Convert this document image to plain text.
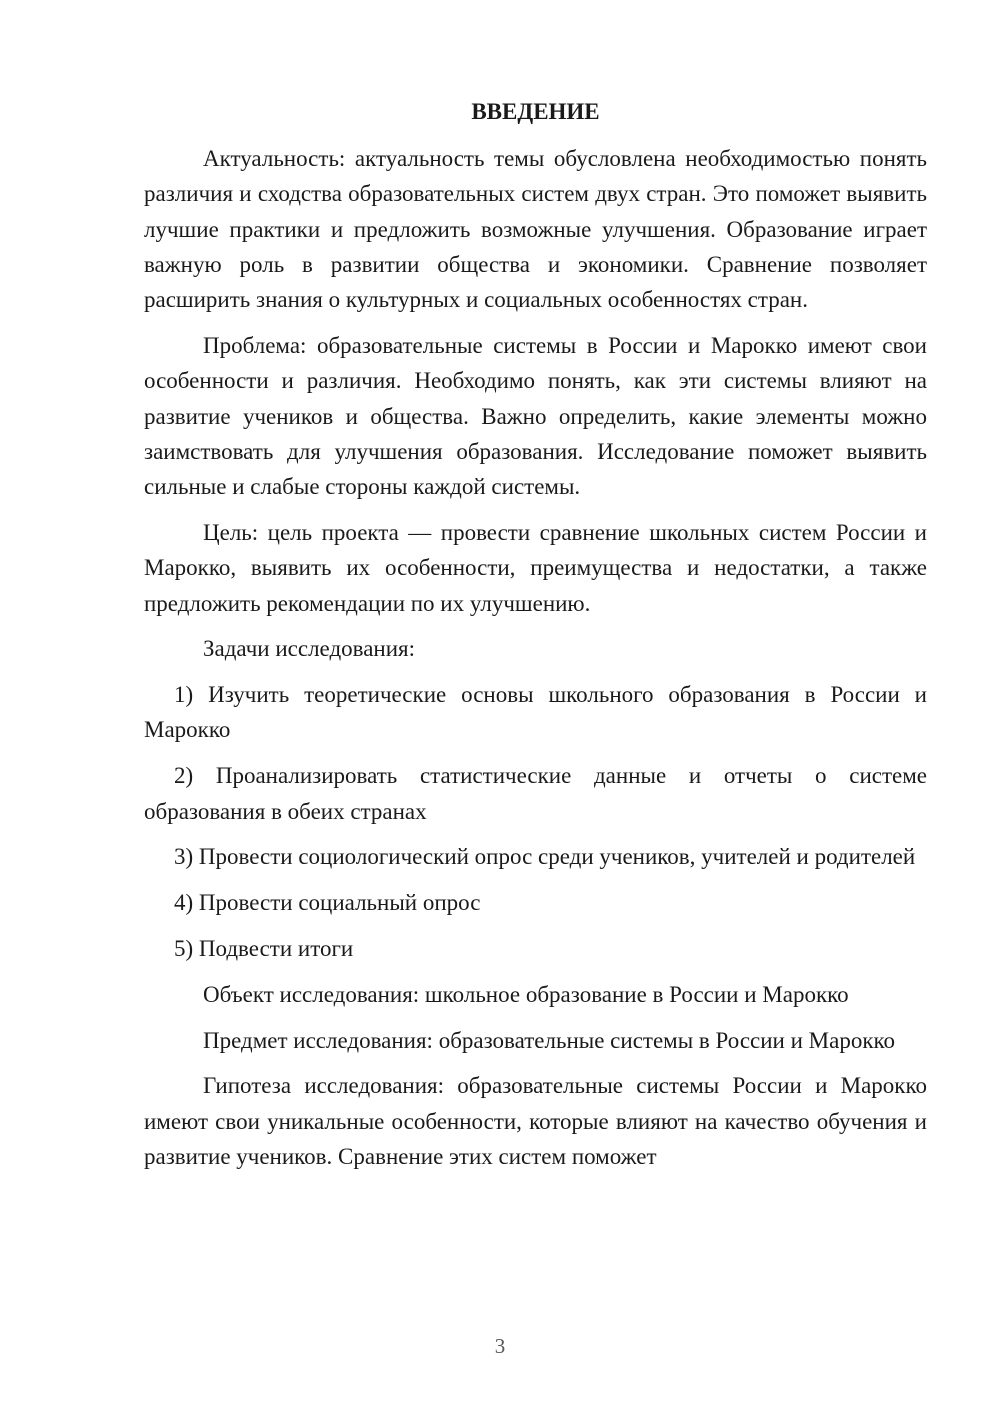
ВВЕДЕНИЕ

Актуальность: актуальность темы обусловлена необходимостью понять различия и сходства образовательных систем двух стран. Это поможет выявить лучшие практики и предложить возможные улучшения. Образование играет важную роль в развитии общества и экономики. Сравнение позволяет расширить знания о культурных и социальных особенностях стран.

Проблема: образовательные системы в России и Марокко имеют свои особенности и различия. Необходимо понять, как эти системы влияют на развитие учеников и общества. Важно определить, какие элементы можно заимствовать для улучшения образования. Исследование поможет выявить сильные и слабые стороны каждой системы.

Цель: цель проекта — провести сравнение школьных систем России и Марокко, выявить их особенности, преимущества и недостатки, а также предложить рекомендации по их улучшению.

Задачи исследования:

1) Изучить теоретические основы школьного образования в России и Марокко

2) Проанализировать статистические данные и отчеты о системе образования в обеих странах

3) Провести социологический опрос среди учеников, учителей и родителей

4) Провести социальный опрос

5) Подвести итоги

Объект исследования: школьное образование в России и Марокко

Предмет исследования: образовательные системы в России и Марокко

Гипотеза исследования: образовательные системы России и Марокко имеют свои уникальные особенности, которые влияют на качество обучения и развитие учеников. Сравнение этих систем поможет

3
